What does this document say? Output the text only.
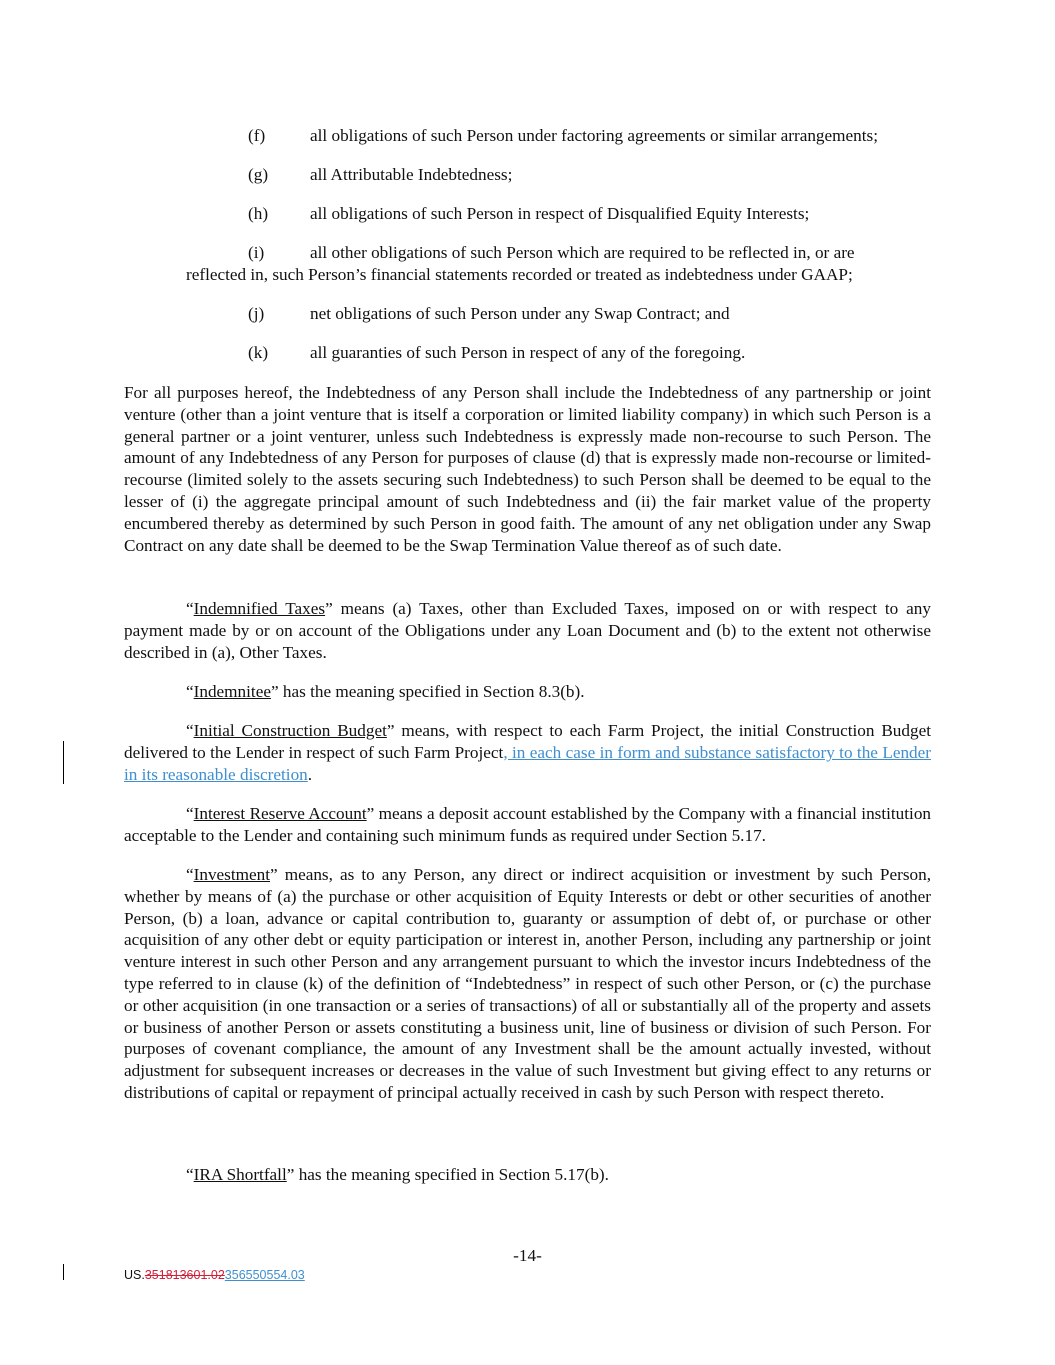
(f)	all obligations of such Person under factoring agreements or similar arrangements;
(g) all Attributable Indebtedness;
(h) all obligations of such Person in respect of Disqualified Equity Interests;
(i)	all other obligations of such Person which are required to be reflected in, or are
reflected in, such Person’s financial statements recorded or treated as indebtedness under GAAP;
(j)	net obligations of such Person under any Swap Contract; and
(k) all guaranties of such Person in respect of any of the foregoing.

For all purposes hereof, the Indebtedness of any Person shall include the Indebtedness of any partnership or joint venture (other than a joint venture that is itself a corporation or limited liability company) in which such Person is a general partner or a joint venturer, unless such Indebtedness is expressly made non-recourse to such Person. The amount of any Indebtedness of any Person for purposes of clause (d) that is expressly made non-recourse or limited-recourse (limited solely to the assets securing such Indebtedness) to such Person shall be deemed to be equal to the lesser of (i) the aggregate principal amount of such Indebtedness and (ii) the fair market value of the property encumbered thereby as determined by such Person in good faith. The amount of any net obligation under any Swap Contract on any date shall be deemed to be the Swap Termination Value thereof as of such date.

“Indemnified Taxes” means (a) Taxes, other than Excluded Taxes, imposed on or with respect to any payment made by or on account of the Obligations under any Loan Document and (b) to the extent not otherwise described in (a), Other Taxes.

“Indemnitee” has the meaning specified in Section 8.3(b).

“Initial Construction Budget” means, with respect to each Farm Project, the initial Construction Budget delivered to the Lender in respect of such Farm Project, in each case in form and substance satisfactory to the Lender in its reasonable discretion.

“Interest Reserve Account” means a deposit account established by the Company with a financial institution acceptable to the Lender and containing such minimum funds as required under Section 5.17.

“Investment” means, as to any Person, any direct or indirect acquisition or investment by such Person, whether by means of (a) the purchase or other acquisition of Equity Interests or debt or other securities of another Person, (b) a loan, advance or capital contribution to, guaranty or assumption of debt of, or purchase or other acquisition of any other debt or equity participation or interest in, another Person, including any partnership or joint venture interest in such other Person and any arrangement pursuant to which the investor incurs Indebtedness of the type referred to in clause (k) of the definition of “Indebtedness” in respect of such other Person, or (c) the purchase or other acquisition (in one transaction or a series of transactions) of all or substantially all of the property and assets or business of another Person or assets constituting a business unit, line of business or division of such Person. For purposes of covenant compliance, the amount of any Investment shall be the amount actually invested, without adjustment for subsequent increases or decreases in the value of such Investment but giving effect to any returns or distributions of capital or repayment of principal actually received in cash by such Person with respect thereto.

“IRA Shortfall” has the meaning specified in Section 5.17(b).

-14-
US.351813601.02356550554.03
